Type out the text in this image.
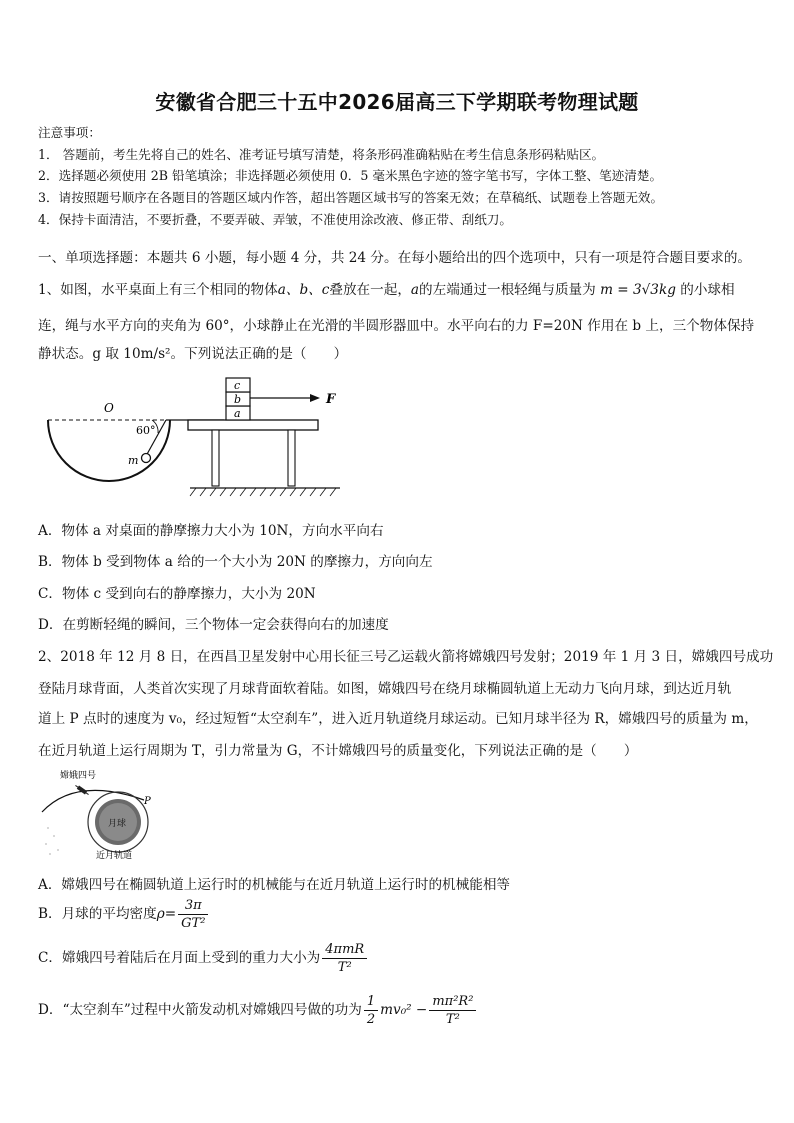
安徽省合肥三十五中2026届高三下学期联考物理试题
注意事项：
1． 答题前，考生先将自己的姓名、准考证号填写清楚，将条形码准确粘贴在考生信息条形码粘贴区。
2．选择题必须使用 2B 铅笔填涂；非选择题必须使用 0．5 毫米黑色字迹的签字笔书写，字体工整、笔迹清楚。
3．请按照题号顺序在各题目的答题区域内作答，超出答题区域书写的答案无效；在草稿纸、试题卷上答题无效。
4．保持卡面清洁，不要折叠，不要弄破、弄皱，不准使用涂改液、修正带、刮纸刀。
一、单项选择题：本题共 6 小题，每小题 4 分，共 24 分。在每小题给出的四个选项中，只有一项是符合题目要求的。
1、如图，水平桌面上有三个相同的物体a、b、c叠放在一起，a的左端通过一根轻绳与质量为 m = 3√3kg 的小球相
连，绳与水平方向的夹角为 60°，小球静止在光滑的半圆形器皿中。水平向右的力 F=20N 作用在 b 上，三个物体保持
静状态。g 取 10m/s²。下列说法正确的是（　　）
O
60°
m
a
b
c
F
A．物体 a 对桌面的静摩擦力大小为 10N，方向水平向右
B．物体 b 受到物体 a 给的一个大小为 20N 的摩擦力，方向向左
C．物体 c 受到向右的静摩擦力，大小为 20N
D．在剪断轻绳的瞬间，三个物体一定会获得向右的加速度
2、2018 年 12 月 8 日，在西昌卫星发射中心用长征三号乙运载火箭将嫦娥四号发射；2019 年 1 月 3 日，嫦娥四号成功
登陆月球背面，人类首次实现了月球背面软着陆。如图，嫦娥四号在绕月球椭圆轨道上无动力飞向月球，到达近月轨
道上 P 点时的速度为 v₀，经过短暂“太空刹车”，进入近月轨道绕月球运动。已知月球半径为 R，嫦娥四号的质量为 m，
在近月轨道上运行周期为 T，引力常量为 G，不计嫦娥四号的质量变化，下列说法正确的是（　　）
嫦娥四号
月球
P
近月轨道
A．嫦娥四号在椭圆轨道上运行时的机械能与在近月轨道上运行时的机械能相等
B．月球的平均密度$\rho= \frac{3\pi}{\text{GT²}}$
C．嫦娥四号着陆后在月面上受到的重力大小为 $\frac{\text{4πmR}}{\text{T²}}$
D．“太空刹车”过程中火箭发动机对嫦娥四号做的功为 $\frac{1}{2} mv_0^2 - \frac{\text{mπ²R²}}{\text{T²}}$
